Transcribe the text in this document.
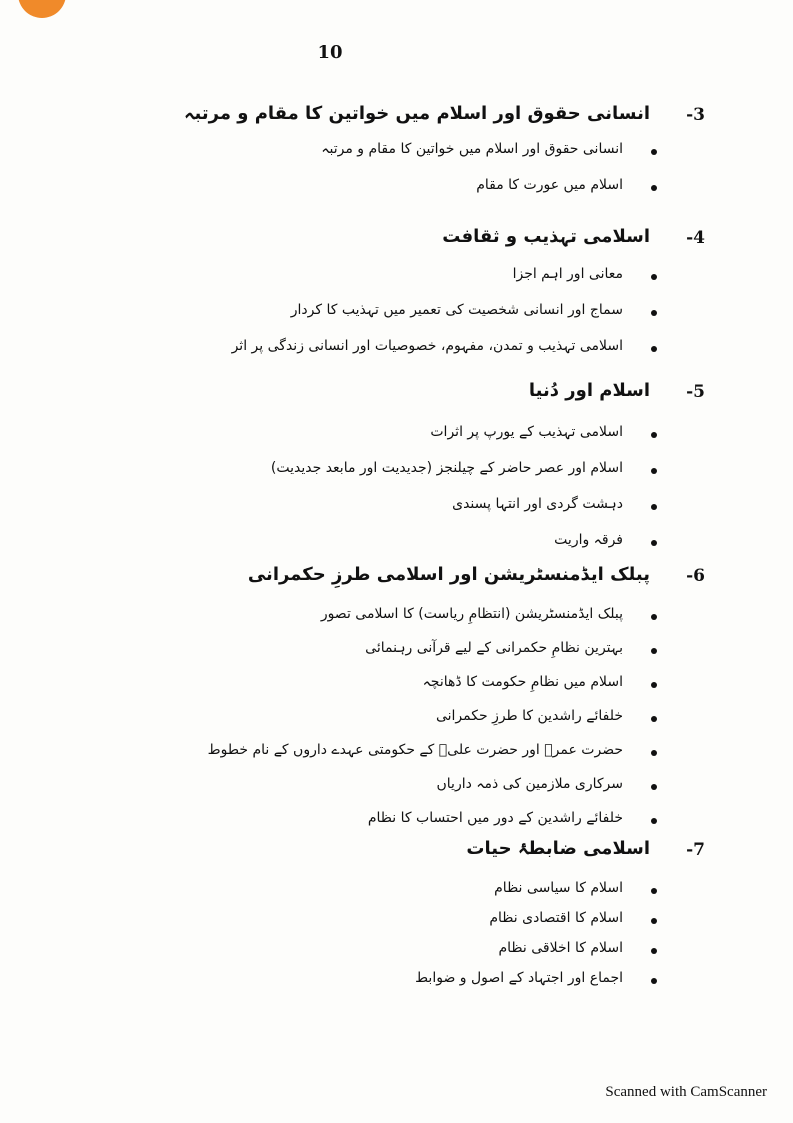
10
-3
انسانی حقوق اور اسلام میں خواتین کا مقام و مرتبہ
انسانی حقوق اور اسلام میں خواتین کا مقام و مرتبہ
اسلام میں عورت کا مقام
-4
اسلامی تہذیب و ثقافت
معانی اور اہم اجزا
سماج اور انسانی شخصیت کی تعمیر میں تہذیب کا کردار
اسلامی تہذیب و تمدن، مفہوم، خصوصیات اور انسانی زندگی پر اثر
-5
اسلام اور دُنیا
اسلامی تہذیب کے یورپ پر اثرات
اسلام اور عصر حاضر کے چیلنجز (جدیدیت اور مابعد جدیدیت)
دہشت گردی اور انتہا پسندی
فرقہ واریت
-6
پبلک ایڈمنسٹریشن اور اسلامی طرزِ حکمرانی
پبلک ایڈمنسٹریشن (انتظامِ ریاست) کا اسلامی تصور
بہترین نظامِ حکمرانی کے لیے قرآنی رہنمائی
اسلام میں نظامِ حکومت کا ڈھانچہ
خلفائے راشدین کا طرزِ حکمرانی
حضرت عمرؓ اور حضرت علیؓ کے حکومتی عہدے داروں کے نام خطوط
سرکاری ملازمین کی ذمہ داریاں
خلفائے راشدین کے دور میں احتساب کا نظام
-7
اسلامی ضابطۂ حیات
اسلام کا سیاسی نظام
اسلام کا اقتصادی نظام
اسلام کا اخلاقی نظام
اجماع اور اجتہاد کے اصول و ضوابط
Scanned with CamScanner
